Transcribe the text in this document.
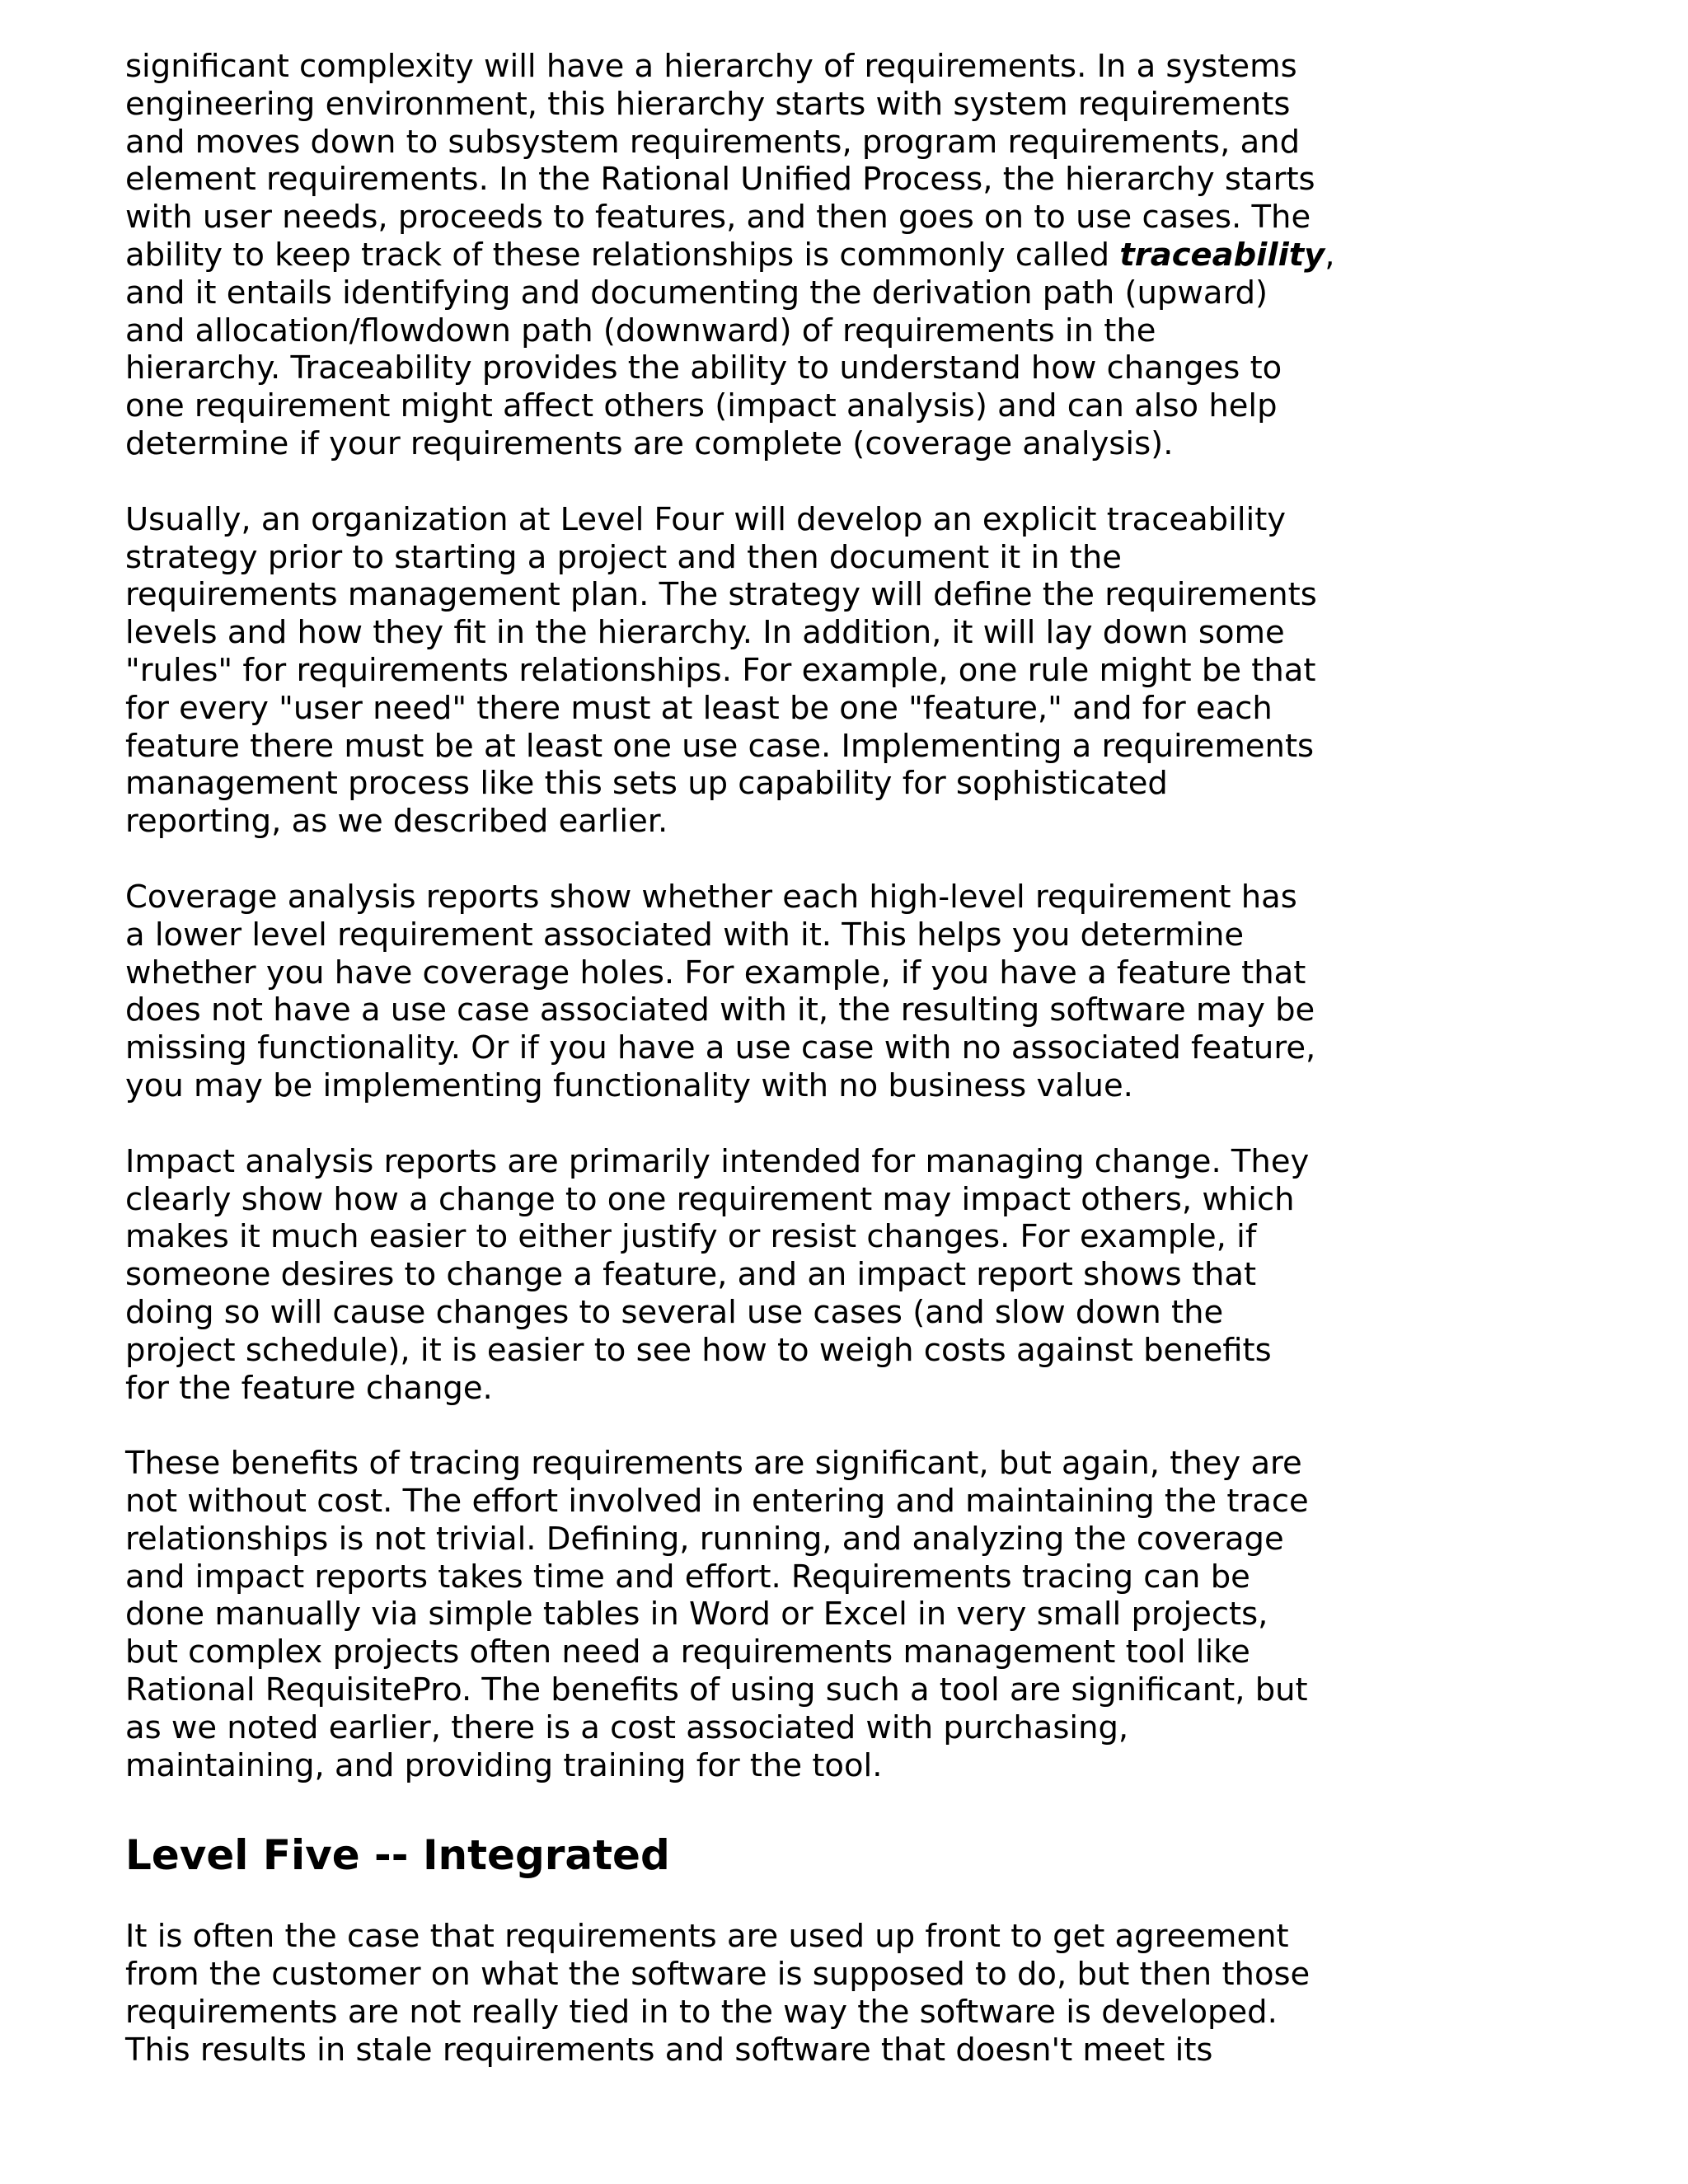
significant complexity will have a hierarchy of requirements. In a systems
engineering environment, this hierarchy starts with system requirements
and moves down to subsystem requirements, program requirements, and
element requirements. In the Rational Unified Process, the hierarchy starts
with user needs, proceeds to features, and then goes on to use cases. The
ability to keep track of these relationships is commonly called traceability,
and it entails identifying and documenting the derivation path (upward)
and allocation/flowdown path (downward) of requirements in the
hierarchy. Traceability provides the ability to understand how changes to
one requirement might affect others (impact analysis) and can also help
determine if your requirements are complete (coverage analysis).
Usually, an organization at Level Four will develop an explicit traceability
strategy prior to starting a project and then document it in the
requirements management plan. The strategy will define the requirements
levels and how they fit in the hierarchy. In addition, it will lay down some
"rules" for requirements relationships. For example, one rule might be that
for every "user need" there must at least be one "feature," and for each
feature there must be at least one use case. Implementing a requirements
management process like this sets up capability for sophisticated
reporting, as we described earlier.
Coverage analysis reports show whether each high-level requirement has
a lower level requirement associated with it. This helps you determine
whether you have coverage holes. For example, if you have a feature that
does not have a use case associated with it, the resulting software may be
missing functionality. Or if you have a use case with no associated feature,
you may be implementing functionality with no business value.
Impact analysis reports are primarily intended for managing change. They
clearly show how a change to one requirement may impact others, which
makes it much easier to either justify or resist changes. For example, if
someone desires to change a feature, and an impact report shows that
doing so will cause changes to several use cases (and slow down the
project schedule), it is easier to see how to weigh costs against benefits
for the feature change.
These benefits of tracing requirements are significant, but again, they are
not without cost. The effort involved in entering and maintaining the trace
relationships is not trivial. Defining, running, and analyzing the coverage
and impact reports takes time and effort. Requirements tracing can be
done manually via simple tables in Word or Excel in very small projects,
but complex projects often need a requirements management tool like
Rational RequisitePro. The benefits of using such a tool are significant, but
as we noted earlier, there is a cost associated with purchasing,
maintaining, and providing training for the tool.
Level Five -- Integrated
It is often the case that requirements are used up front to get agreement
from the customer on what the software is supposed to do, but then those
requirements are not really tied in to the way the software is developed.
This results in stale requirements and software that doesn't meet its
